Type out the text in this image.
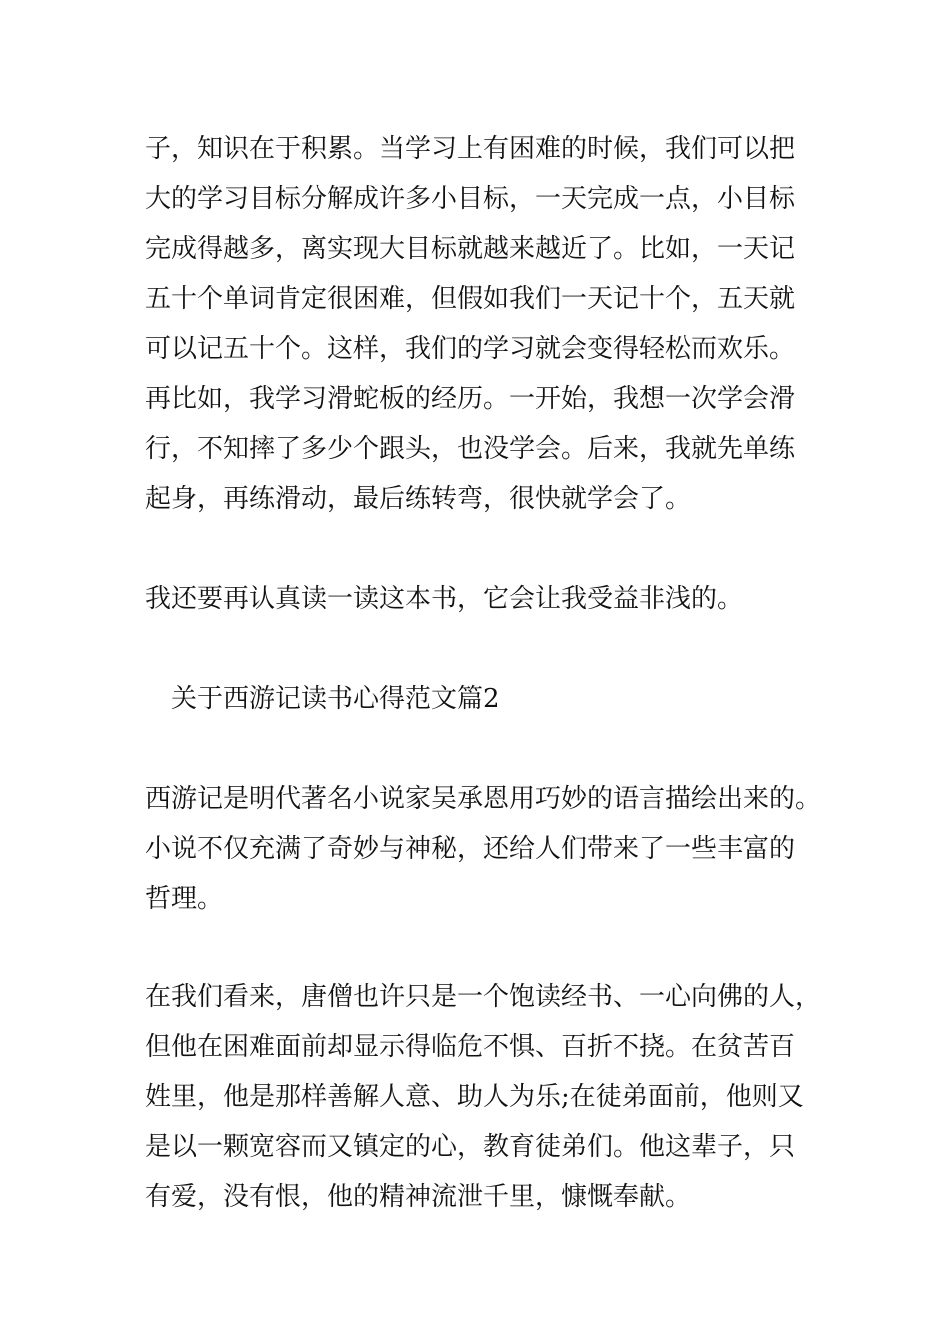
子，知识在于积累。当学习上有困难的时候，我们可以把
大的学习目标分解成许多小目标，一天完成一点，小目标
完成得越多，离实现大目标就越来越近了。比如，一天记
五十个单词肯定很困难，但假如我们一天记十个，五天就
可以记五十个。这样，我们的学习就会变得轻松而欢乐。
再比如，我学习滑蛇板的经历。一开始，我想一次学会滑
行，不知摔了多少个跟头，也没学会。后来，我就先单练
起身，再练滑动，最后练转弯，很快就学会了。
我还要再认真读一读这本书，它会让我受益非浅的。
　关于西游记读书心得范文篇2
西游记是明代著名小说家吴承恩用巧妙的语言描绘出来的。
小说不仅充满了奇妙与神秘，还给人们带来了一些丰富的
哲理。
在我们看来，唐僧也许只是一个饱读经书、一心向佛的人，
但他在困难面前却显示得临危不惧、百折不挠。在贫苦百
姓里，他是那样善解人意、助人为乐;在徒弟面前，他则又
是以一颗宽容而又镇定的心，教育徒弟们。他这辈子，只
有爱，没有恨，他的精神流泄千里，慷慨奉献。
